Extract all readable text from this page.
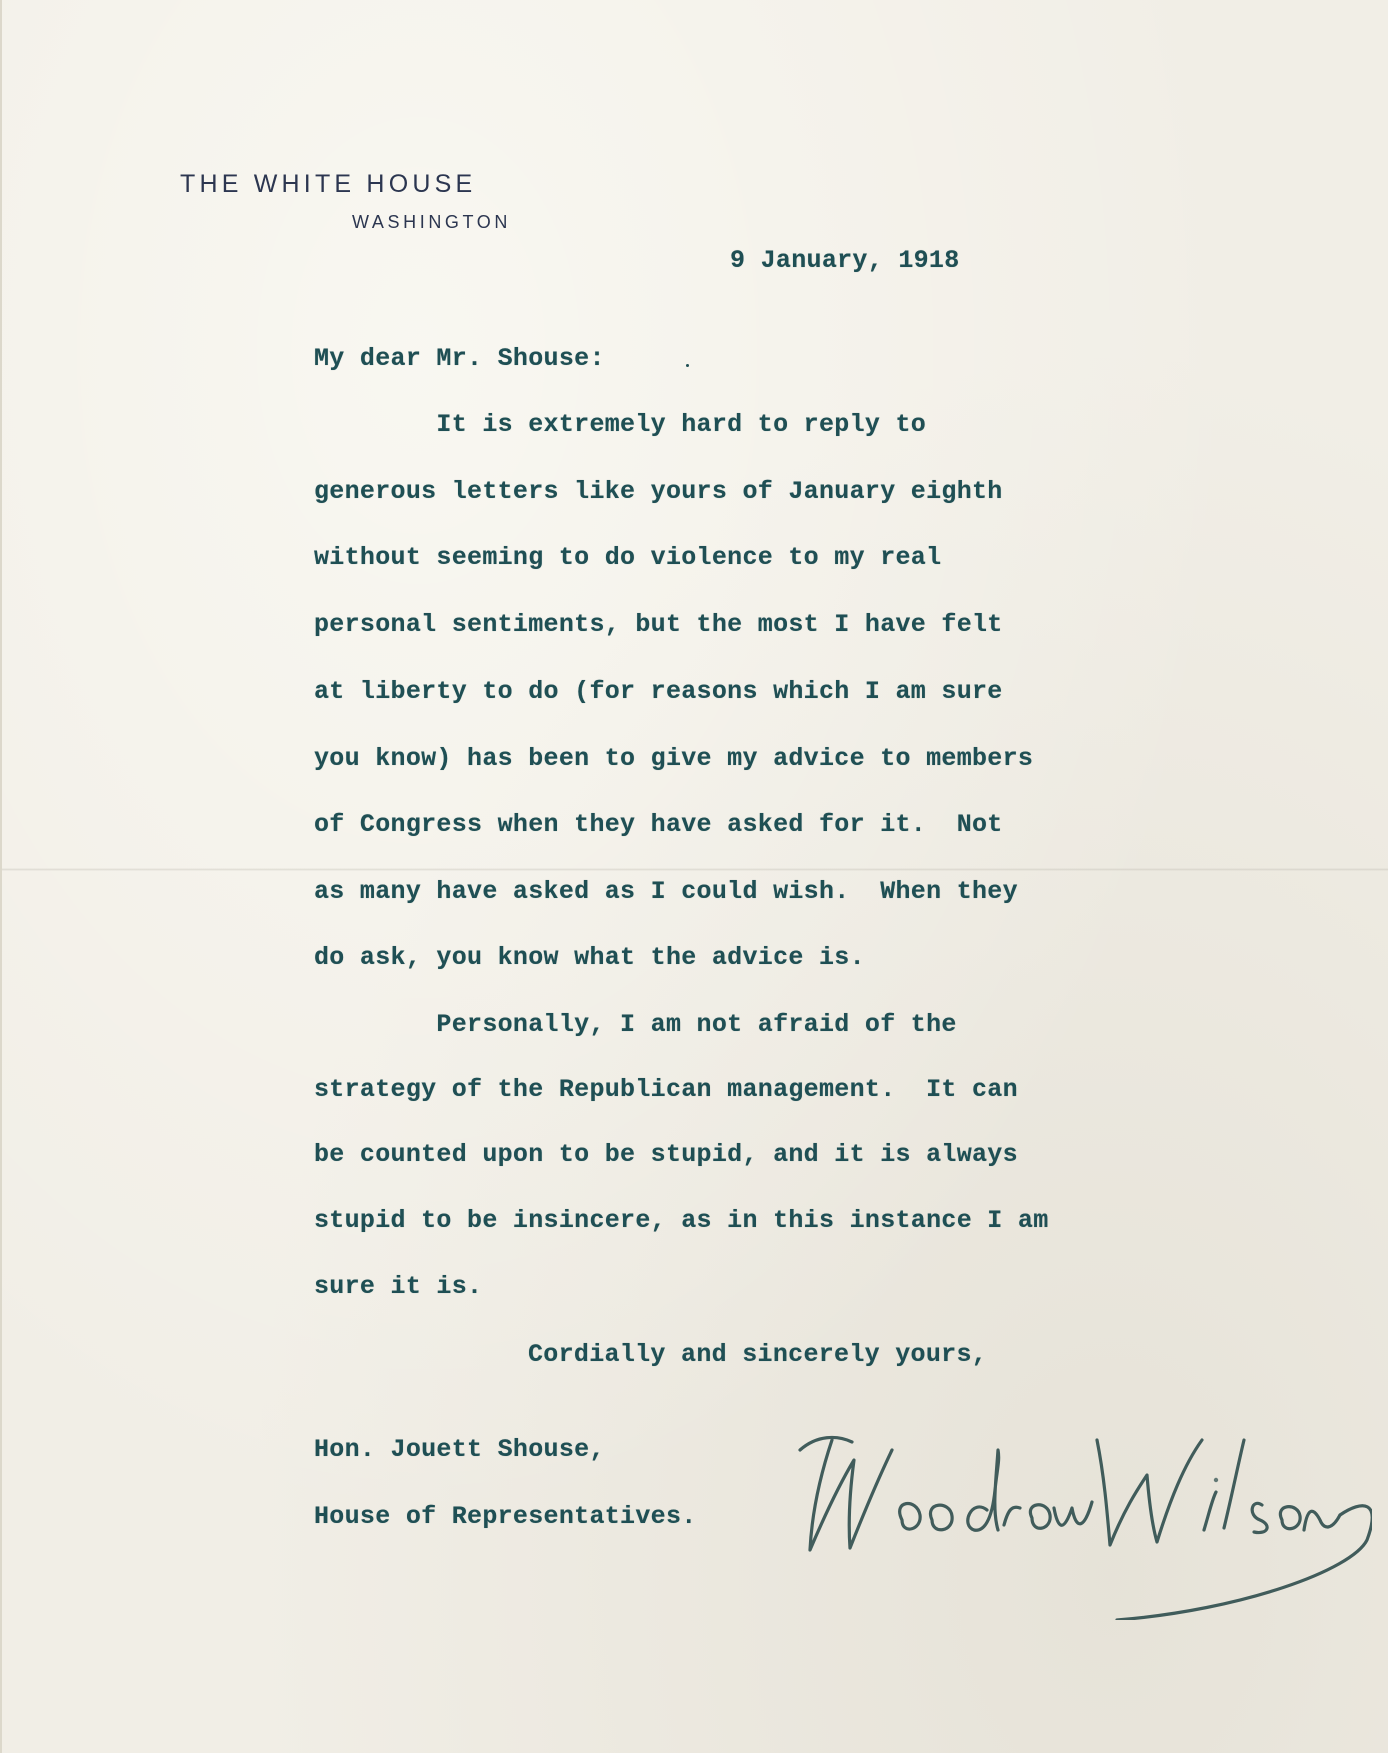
THE WHITE HOUSE
WASHINGTON
9 January, 1918
My dear Mr. Shouse:
It is extremely hard to reply to
generous letters like yours of January eighth
without seeming to do violence to my real
personal sentiments, but the most I have felt
at liberty to do (for reasons which I am sure
you know) has been to give my advice to members
of Congress when they have asked for it.  Not
as many have asked as I could wish.  When they
do ask, you know what the advice is.
Personally, I am not afraid of the
strategy of the Republican management.  It can
be counted upon to be stupid, and it is always
stupid to be insincere, as in this instance I am
sure it is.
Cordially and sincerely yours,
Hon. Jouett Shouse,
House of Representatives.
